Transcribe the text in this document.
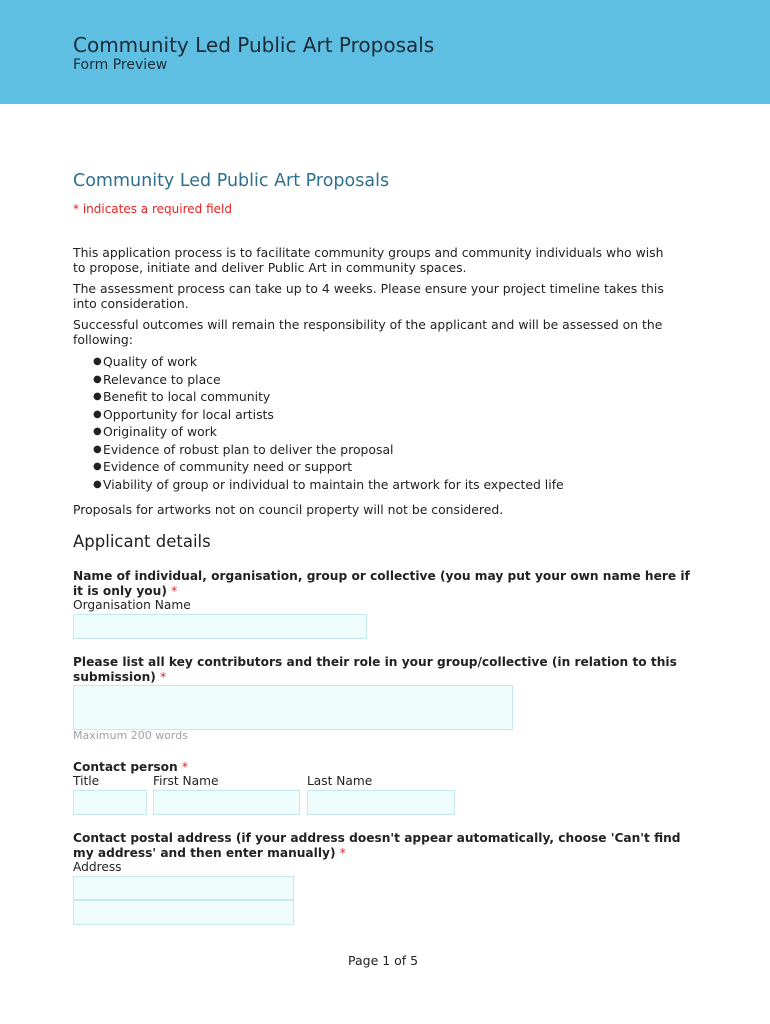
Community Led Public Art Proposals
Form Preview
Community Led Public Art Proposals
* indicates a required field

This application process is to facilitate community groups and community individuals who wish to propose, initiate and deliver Public Art in community spaces.

The assessment process can take up to 4 weeks. Please ensure your project timeline takes this into consideration.

Successful outcomes will remain the responsibility of the applicant and will be assessed on the following:

● Quality of work
● Relevance to place
● Benefit to local community
● Opportunity for local artists
● Originality of work
● Evidence of robust plan to deliver the proposal
● Evidence of community need or support
● Viability of group or individual to maintain the artwork for its expected life

Proposals for artworks not on council property will not be considered.

Applicant details
Name of individual, organisation, group or collective (you may put your own name here if it is only you) *
Organisation Name
Please list all key contributors and their role in your group/collective (in relation to this submission) *
Maximum 200 words
Contact person *
Title	First Name	Last Name
Contact postal address (if your address doesn't appear automatically, choose 'Can't find my address' and then enter manually) *
Address
Page 1 of 5
